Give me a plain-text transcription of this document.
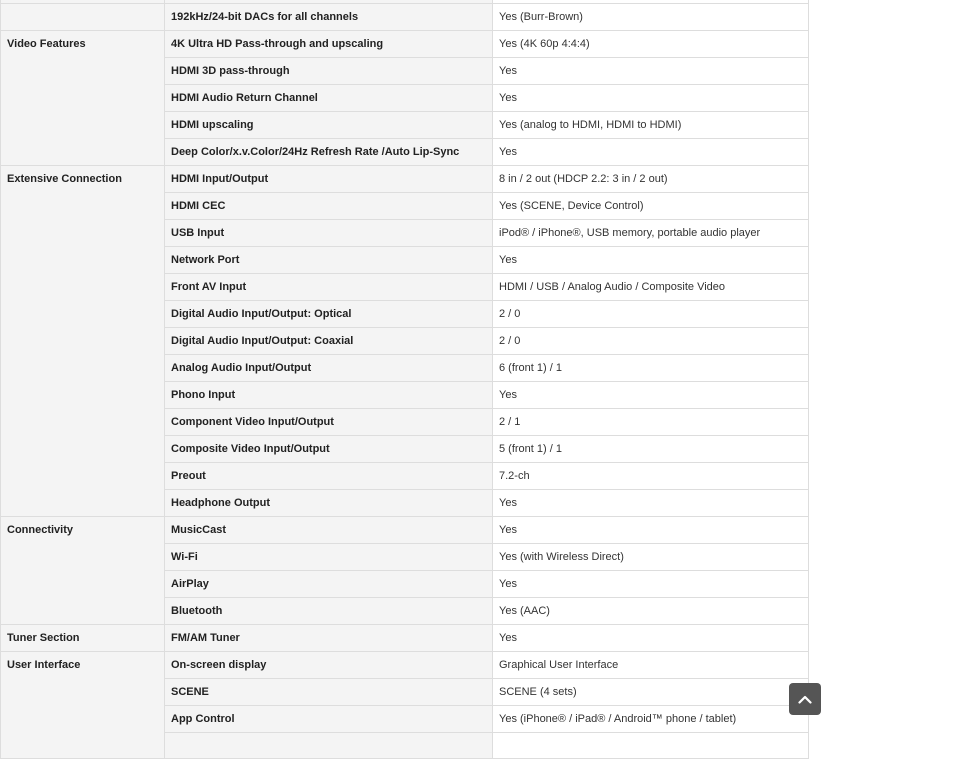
	192kHz/24-bit DACs for all channels	Yes (Burr-Brown)
Video Features	4K Ultra HD Pass-through and upscaling	Yes (4K 60p 4:4:4)
	HDMI 3D pass-through	Yes
	HDMI Audio Return Channel	Yes
	HDMI upscaling	Yes (analog to HDMI, HDMI to HDMI)
	Deep Color/x.v.Color/24Hz Refresh Rate /Auto Lip-Sync	Yes
Extensive Connection	HDMI Input/Output	8 in / 2 out (HDCP 2.2: 3 in / 2 out)
	HDMI CEC	Yes (SCENE, Device Control)
	USB Input	iPod® / iPhone®, USB memory, portable audio player
	Network Port	Yes
	Front AV Input	HDMI / USB / Analog Audio / Composite Video
	Digital Audio Input/Output: Optical	2 / 0
	Digital Audio Input/Output: Coaxial	2 / 0
	Analog Audio Input/Output	6 (front 1) / 1
	Phono Input	Yes
	Component Video Input/Output	2 / 1
	Composite Video Input/Output	5 (front 1) / 1
	Preout	7.2-ch
	Headphone Output	Yes
Connectivity	MusicCast	Yes
	Wi-Fi	Yes (with Wireless Direct)
	AirPlay	Yes
	Bluetooth	Yes (AAC)
Tuner Section	FM/AM Tuner	Yes
User Interface	On-screen display	Graphical User Interface
	SCENE	SCENE (4 sets)
	App Control	Yes (iPhone® / iPad® / Android™ phone / tablet)
